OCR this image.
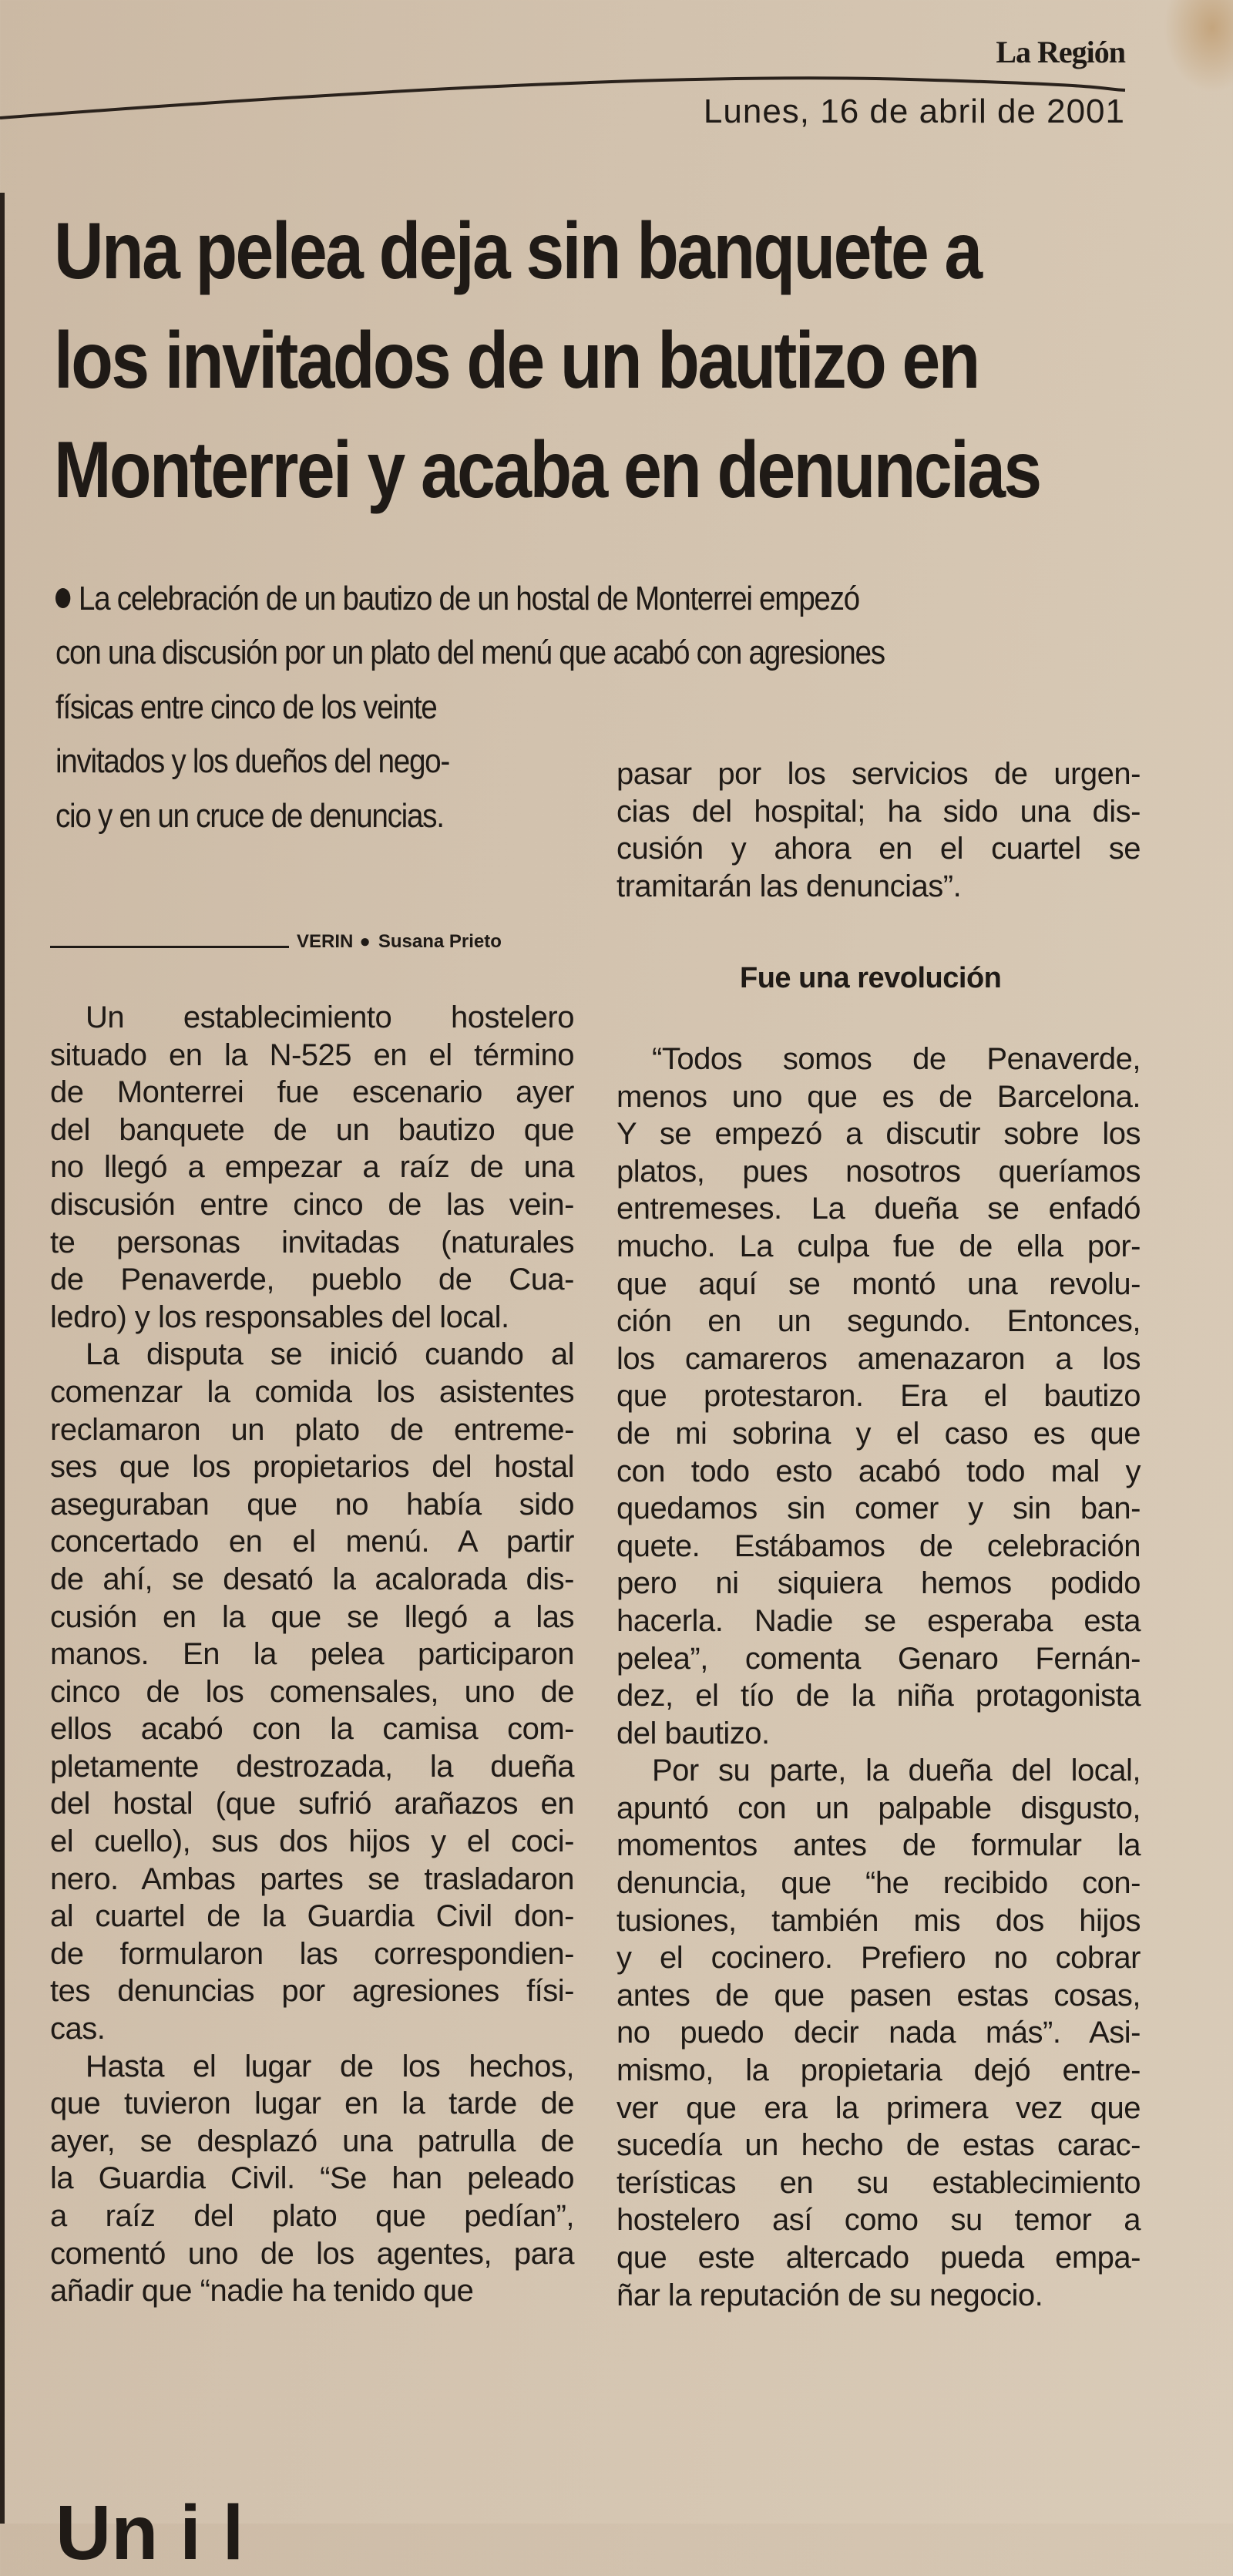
La Región
Lunes, 16 de abril de 2001
Una pelea deja sin banquete a
los invitados de un bautizo en
Monterrei y acaba en denuncias
La celebración de un bautizo de un hostal de Monterrei empezó
con una discusión por un plato del menú que acabó con agresiones
físicas entre cinco de los veinte
invitados y los dueños del nego-
cio y en un cruce de denuncias.
VERIN ● Susana Prieto
Un establecimiento hostelero
situado en la N-525 en el término
de Monterrei fue escenario ayer
del banquete de un bautizo que
no llegó a empezar a raíz de una
discusión entre cinco de las vein-
te personas invitadas (naturales
de Penaverde, pueblo de Cua-
ledro) y los responsables del local.
La disputa se inició cuando al
comenzar la comida los asistentes
reclamaron un plato de entreme-
ses que los propietarios del hostal
aseguraban que no había sido
concertado en el menú. A partir
de ahí, se desató la acalorada dis-
cusión en la que se llegó a las
manos. En la pelea participaron
cinco de los comensales, uno de
ellos acabó con la camisa com-
pletamente destrozada, la dueña
del hostal (que sufrió arañazos en
el cuello), sus dos hijos y el coci-
nero. Ambas partes se trasladaron
al cuartel de la Guardia Civil don-
de formularon las correspondien-
tes denuncias por agresiones físi-
cas.
Hasta el lugar de los hechos,
que tuvieron lugar en la tarde de
ayer, se desplazó una patrulla de
la Guardia Civil. “Se han peleado
a raíz del plato que pedían”,
comentó uno de los agentes, para
añadir que “nadie ha tenido que
pasar por los servicios de urgen-
cias del hospital; ha sido una dis-
cusión y ahora en el cuartel se
tramitarán las denuncias”.
Fue una revolución
“Todos somos de Penaverde,
menos uno que es de Barcelona.
Y se empezó a discutir sobre los
platos, pues nosotros queríamos
entremeses. La dueña se enfadó
mucho. La culpa fue de ella por-
que aquí se montó una revolu-
ción en un segundo. Entonces,
los camareros amenazaron a los
que protestaron. Era el bautizo
de mi sobrina y el caso es que
con todo esto acabó todo mal y
quedamos sin comer y sin ban-
quete. Estábamos de celebración
pero ni siquiera hemos podido
hacerla. Nadie se esperaba esta
pelea”, comenta Genaro Fernán-
dez, el tío de la niña protagonista
del bautizo.
Por su parte, la dueña del local,
apuntó con un palpable disgusto,
momentos antes de formular la
denuncia, que “he recibido con-
tusiones, también mis dos hijos
y el cocinero. Prefiero no cobrar
antes de que pasen estas cosas,
no puedo decir nada más”. Asi-
mismo, la propietaria dejó entre-
ver que era la primera vez que
sucedía un hecho de estas carac-
terísticas en su establecimiento
hostelero así como su temor a
que este altercado pueda empa-
ñar la reputación de su negocio.
Un i l
